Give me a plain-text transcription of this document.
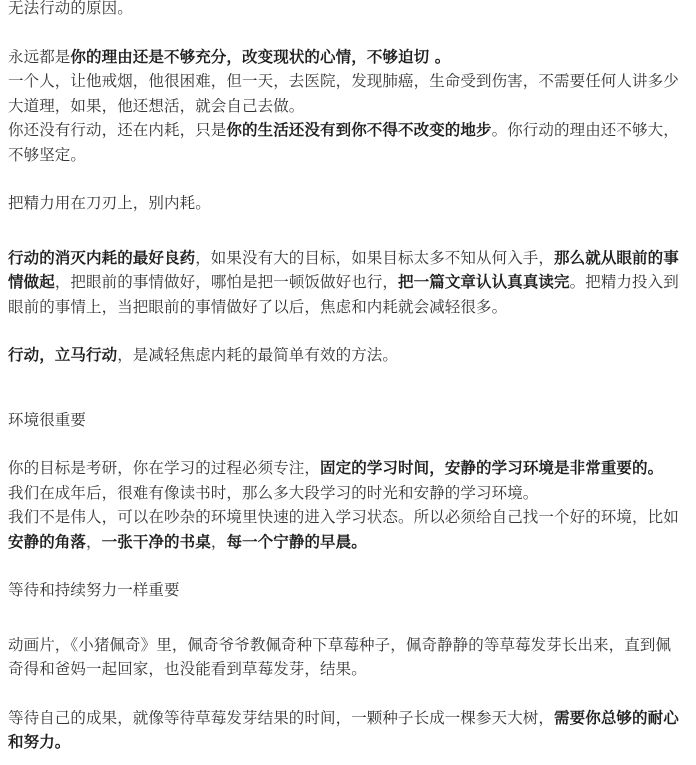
无法行动的原因。

永远都是你的理由还是不够充分，改变现状的心情，不够迫切 。

一个人，让他戒烟，他很困难，但一天，去医院，发现肺癌，生命受到伤害，不需要任何人讲多少大道理，如果，他还想活，就会自己去做。

你还没有行动，还在内耗，只是你的生活还没有到你不得不改变的地步。你行动的理由还不够大，不够坚定。

把精力用在刀刃上，别内耗。

行动的消灭内耗的最好良药，如果没有大的目标，如果目标太多不知从何入手，那么就从眼前的事情做起，把眼前的事情做好，哪怕是把一顿饭做好也行，把一篇文章认认真真读完。把精力投入到眼前的事情上，当把眼前的事情做好了以后，焦虑和内耗就会减轻很多。

行动，立马行动，是减轻焦虑内耗的最简单有效的方法。

环境很重要

你的目标是考研，你在学习的过程必须专注，固定的学习时间，安静的学习环境是非常重要的。

我们在成年后，很难有像读书时，那么多大段学习的时光和安静的学习环境。

我们不是伟人，可以在吵杂的环境里快速的进入学习状态。所以必须给自己找一个好的环境，比如安静的角落，一张干净的书桌，每一个宁静的早晨。

等待和持续努力一样重要

动画片，《小猪佩奇》里，佩奇爷爷教佩奇种下草莓种子，佩奇静静的等草莓发芽长出来，直到佩奇得和爸妈一起回家，也没能看到草莓发芽，结果。

等待自己的成果，就像等待草莓发芽结果的时间，一颗种子长成一棵参天大树，需要你总够的耐心和努力。
